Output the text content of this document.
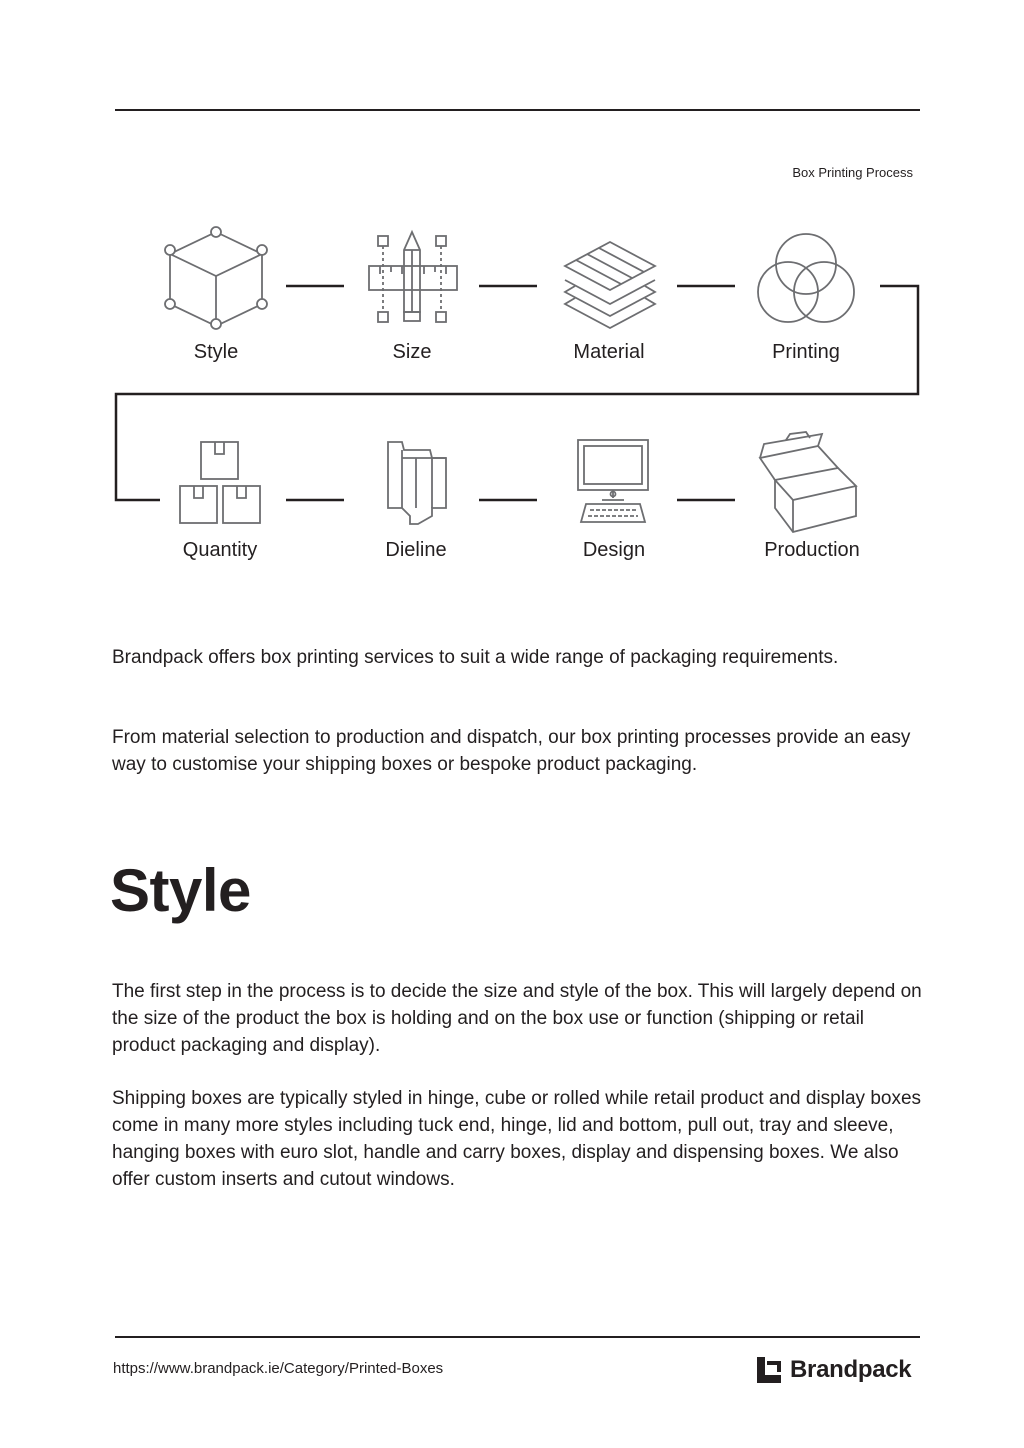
Box Printing Process
Style	Size	Material	Printing
Quantity	Dieline	Design	Production

Brandpack offers box printing services to suit a wide range of packaging requirements.

From material selection to production and dispatch, our box printing processes provide an easy way to customise your shipping boxes or bespoke product packaging.

Style

The first step in the process is to decide the size and style of the box. This will largely depend on the size of the product the box is holding and on the box use or function (shipping or retail product packaging and display).

Shipping boxes are typically styled in hinge, cube or rolled while retail product and display boxes come in many more styles including tuck end, hinge, lid and bottom, pull out, tray and sleeve, hanging boxes with euro slot, handle and carry boxes, display and dispensing boxes. We also offer custom inserts and cutout windows.

https://www.brandpack.ie/Category/Printed-Boxes	Brandpack
